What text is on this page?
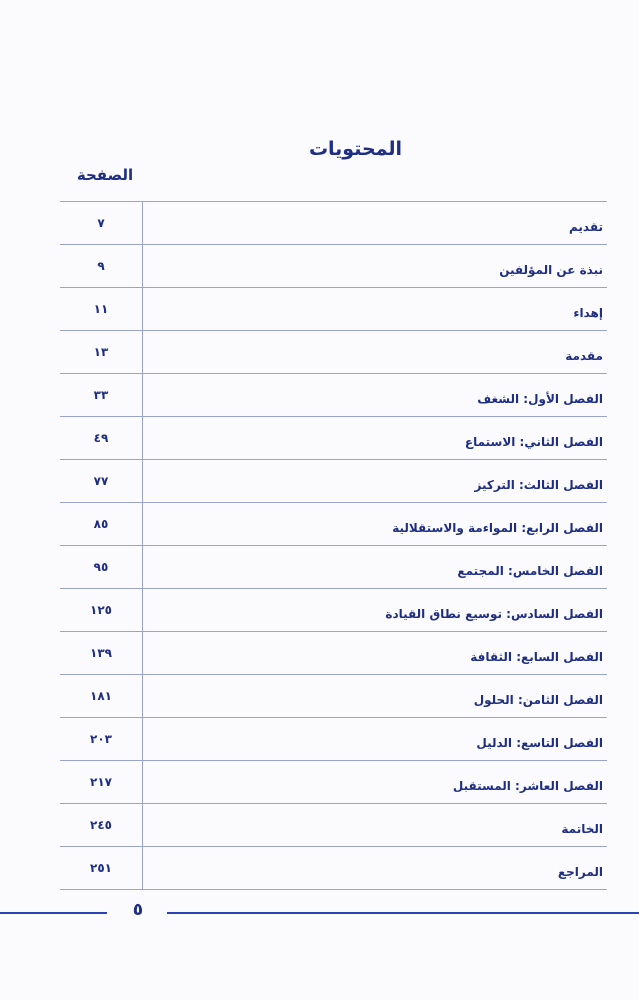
المحتويات
الصفحة
٧	تقديم
٩	نبذة عن المؤلفين
١١	إهداء
١٣	مقدمة
٣٣	الفصل الأول: الشغف
٤٩	الفصل الثاني: الاستماع
٧٧	الفصل الثالث: التركيز
٨٥	الفصل الرابع: المواءمة والاستقلالية
٩٥	الفصل الخامس: المجتمع
١٢٥	الفصل السادس: توسيع نطاق القيادة
١٣٩	الفصل السابع: الثقافة
١٨١	الفصل الثامن: الحلول
٢٠٣	الفصل التاسع: الدليل
٢١٧	الفصل العاشر: المستقبل
٢٤٥	الخاتمة
٢٥١	المراجع
٥
